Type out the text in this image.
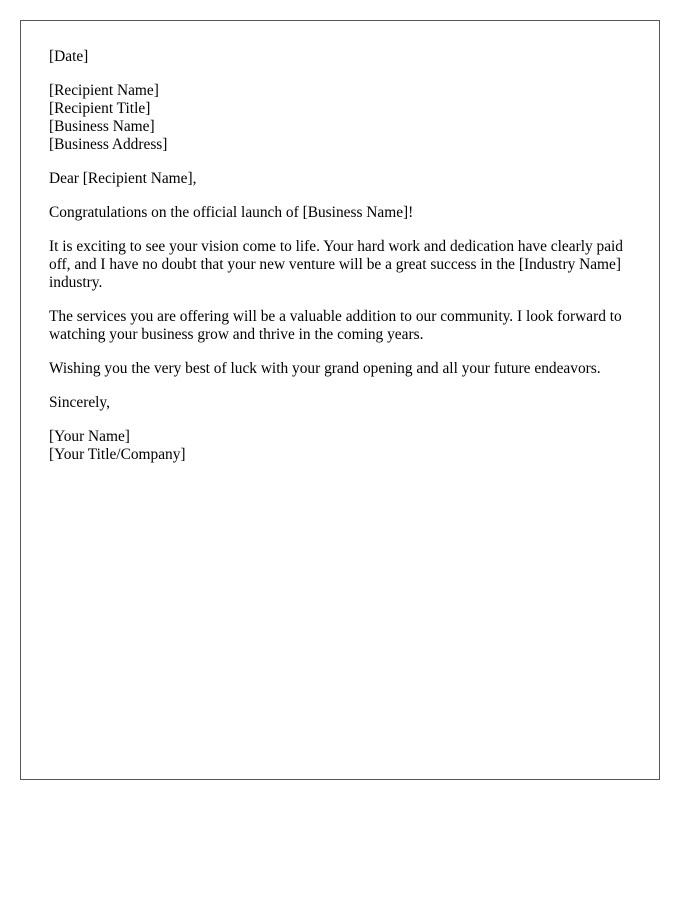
[Date]
[Recipient Name]
[Recipient Title]
[Business Name]
[Business Address]
Dear [Recipient Name],

Congratulations on the official launch of [Business Name]!

It is exciting to see your vision come to life. Your hard work and dedication have clearly paid off, and I have no doubt that your new venture will be a great success in the [Industry Name] industry.

The services you are offering will be a valuable addition to our community. I look forward to watching your business grow and thrive in the coming years.

Wishing you the very best of luck with your grand opening and all your future endeavors.

Sincerely,
[Your Name]
[Your Title/Company]
